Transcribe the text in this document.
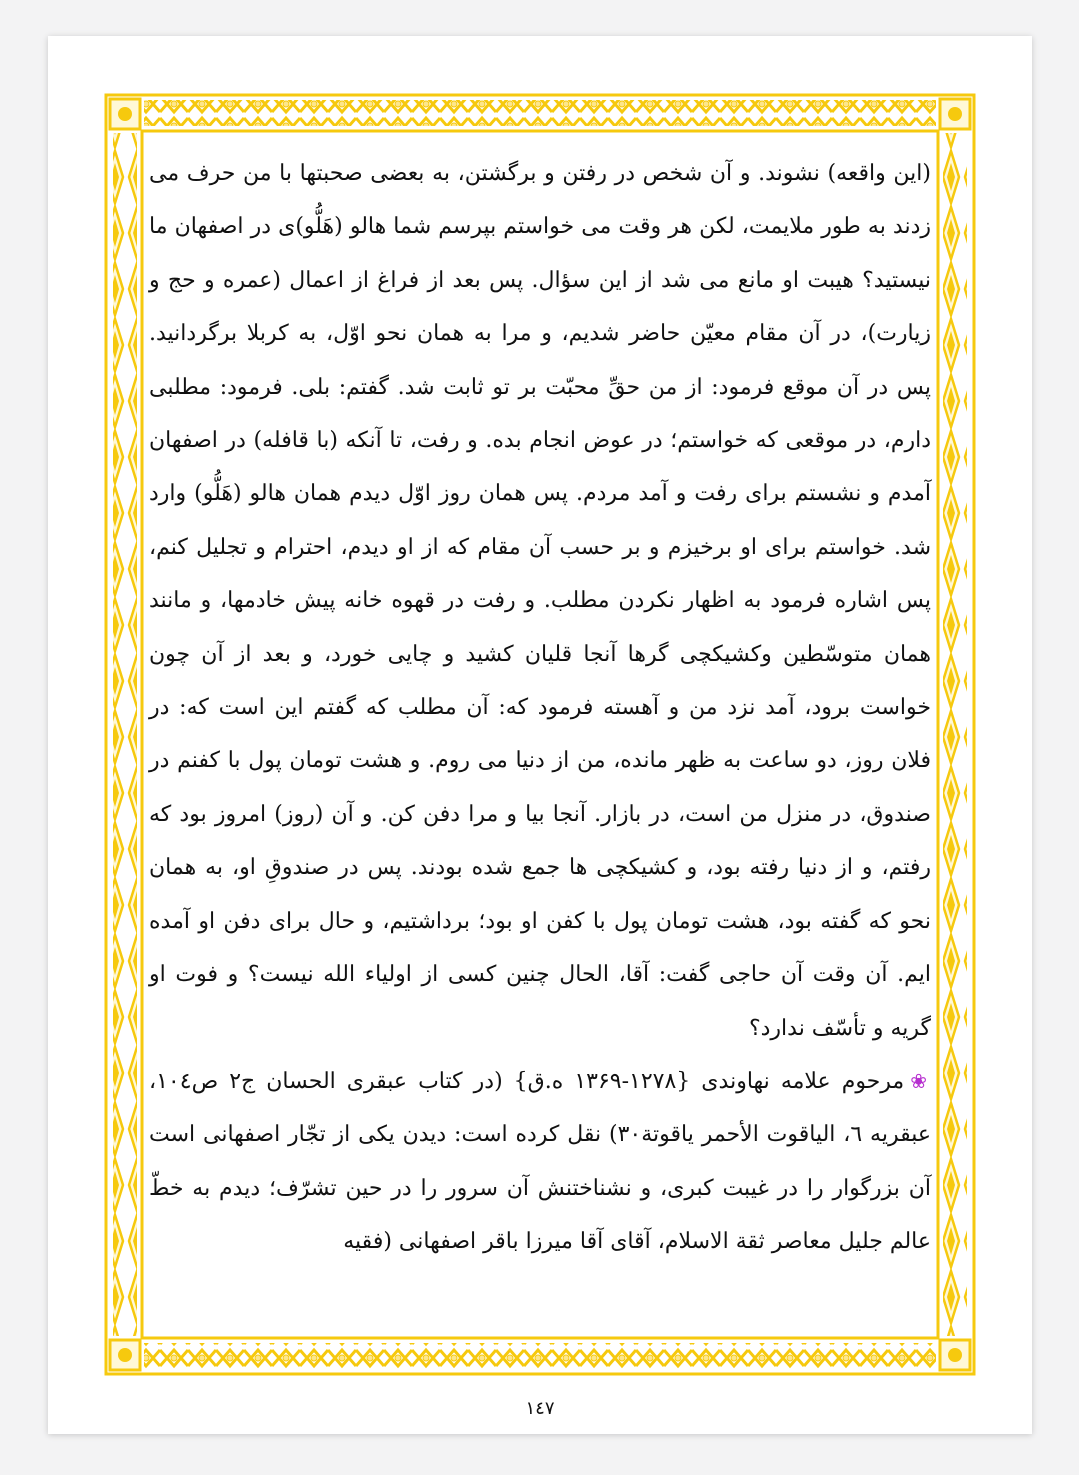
(این واقعه) نشوند. و آن شخص در رفتن و برگشتن، به بعضی صحبتها با من حرف می زدند به طور ملایمت، لکن هر وقت می خواستم بپرسم شما هالو (هَلُّو)ی در اصفهان ما نیستید؟ هیبت او مانع می شد از این سؤال. پس بعد از فراغ از اعمال (عمره و حج و زیارت)، در آن مقام معیّن حاضر شدیم، و مرا به همان نحو اوّل، به کربلا برگردانید. پس در آن موقع فرمود: از من حقِّ محبّت بر تو ثابت شد. گفتم: بلی. فرمود: مطلبی دارم، در موقعی که خواستم؛ در عوض انجام بده. و رفت، تا آنکه (با قافله) در اصفهان آمدم و نشستم برای رفت و آمد مردم. پس همان روز اوّل دیدم همان هالو (هَلُّو) وارد شد. خواستم برای او برخیزم و بر حسب آن مقام که از او دیدم، احترام و تجلیل کنم، پس اشاره فرمود به اظهار نکردن مطلب. و رفت در قهوه خانه پیش خادمها، و مانند همان متوسّطین وکشیکچی گرها آنجا قلیان کشید و چایی خورد، و بعد از آن چون خواست برود، آمد نزد من و آهسته فرمود که: آن مطلب که گفتم این است که: در فلان روز، دو ساعت به ظهر مانده، من از دنیا می روم. و هشت تومان پول با کفنم در صندوق، در منزل من است، در بازار. آنجا بیا و مرا دفن کن. و آن (روز) امروز بود که رفتم، و از دنیا رفته بود، و کشیکچی ها جمع شده بودند. پس در صندوقِ او، به همان نحو که گفته بود، هشت تومان پول با کفن او بود؛ برداشتیم، و حال برای دفن او آمده ایم. آن وقت آن حاجی گفت: آقا، الحال چنین کسی از اولیاء الله نیست؟ و فوت او گریه و تأسّف ندارد؟

❀مرحوم علامه نهاوندی {۱۲۷۸-۱۳۶۹ ه.ق} (در کتاب عبقری الحسان ج۲ ص۱۰٤، عبقریه ٦، الیاقوت الأحمر یاقوتة۳۰) نقل کرده است: دیدن یکی از تجّار اصفهانی است آن بزرگوار را در غیبت کبری، و نشناختنش آن سرور را در حین تشرّف؛ دیدم به خطّ عالم جلیل معاصر ثقة الاسلام، آقای آقا میرزا باقر اصفهانی (فقیه

۱٤۷
